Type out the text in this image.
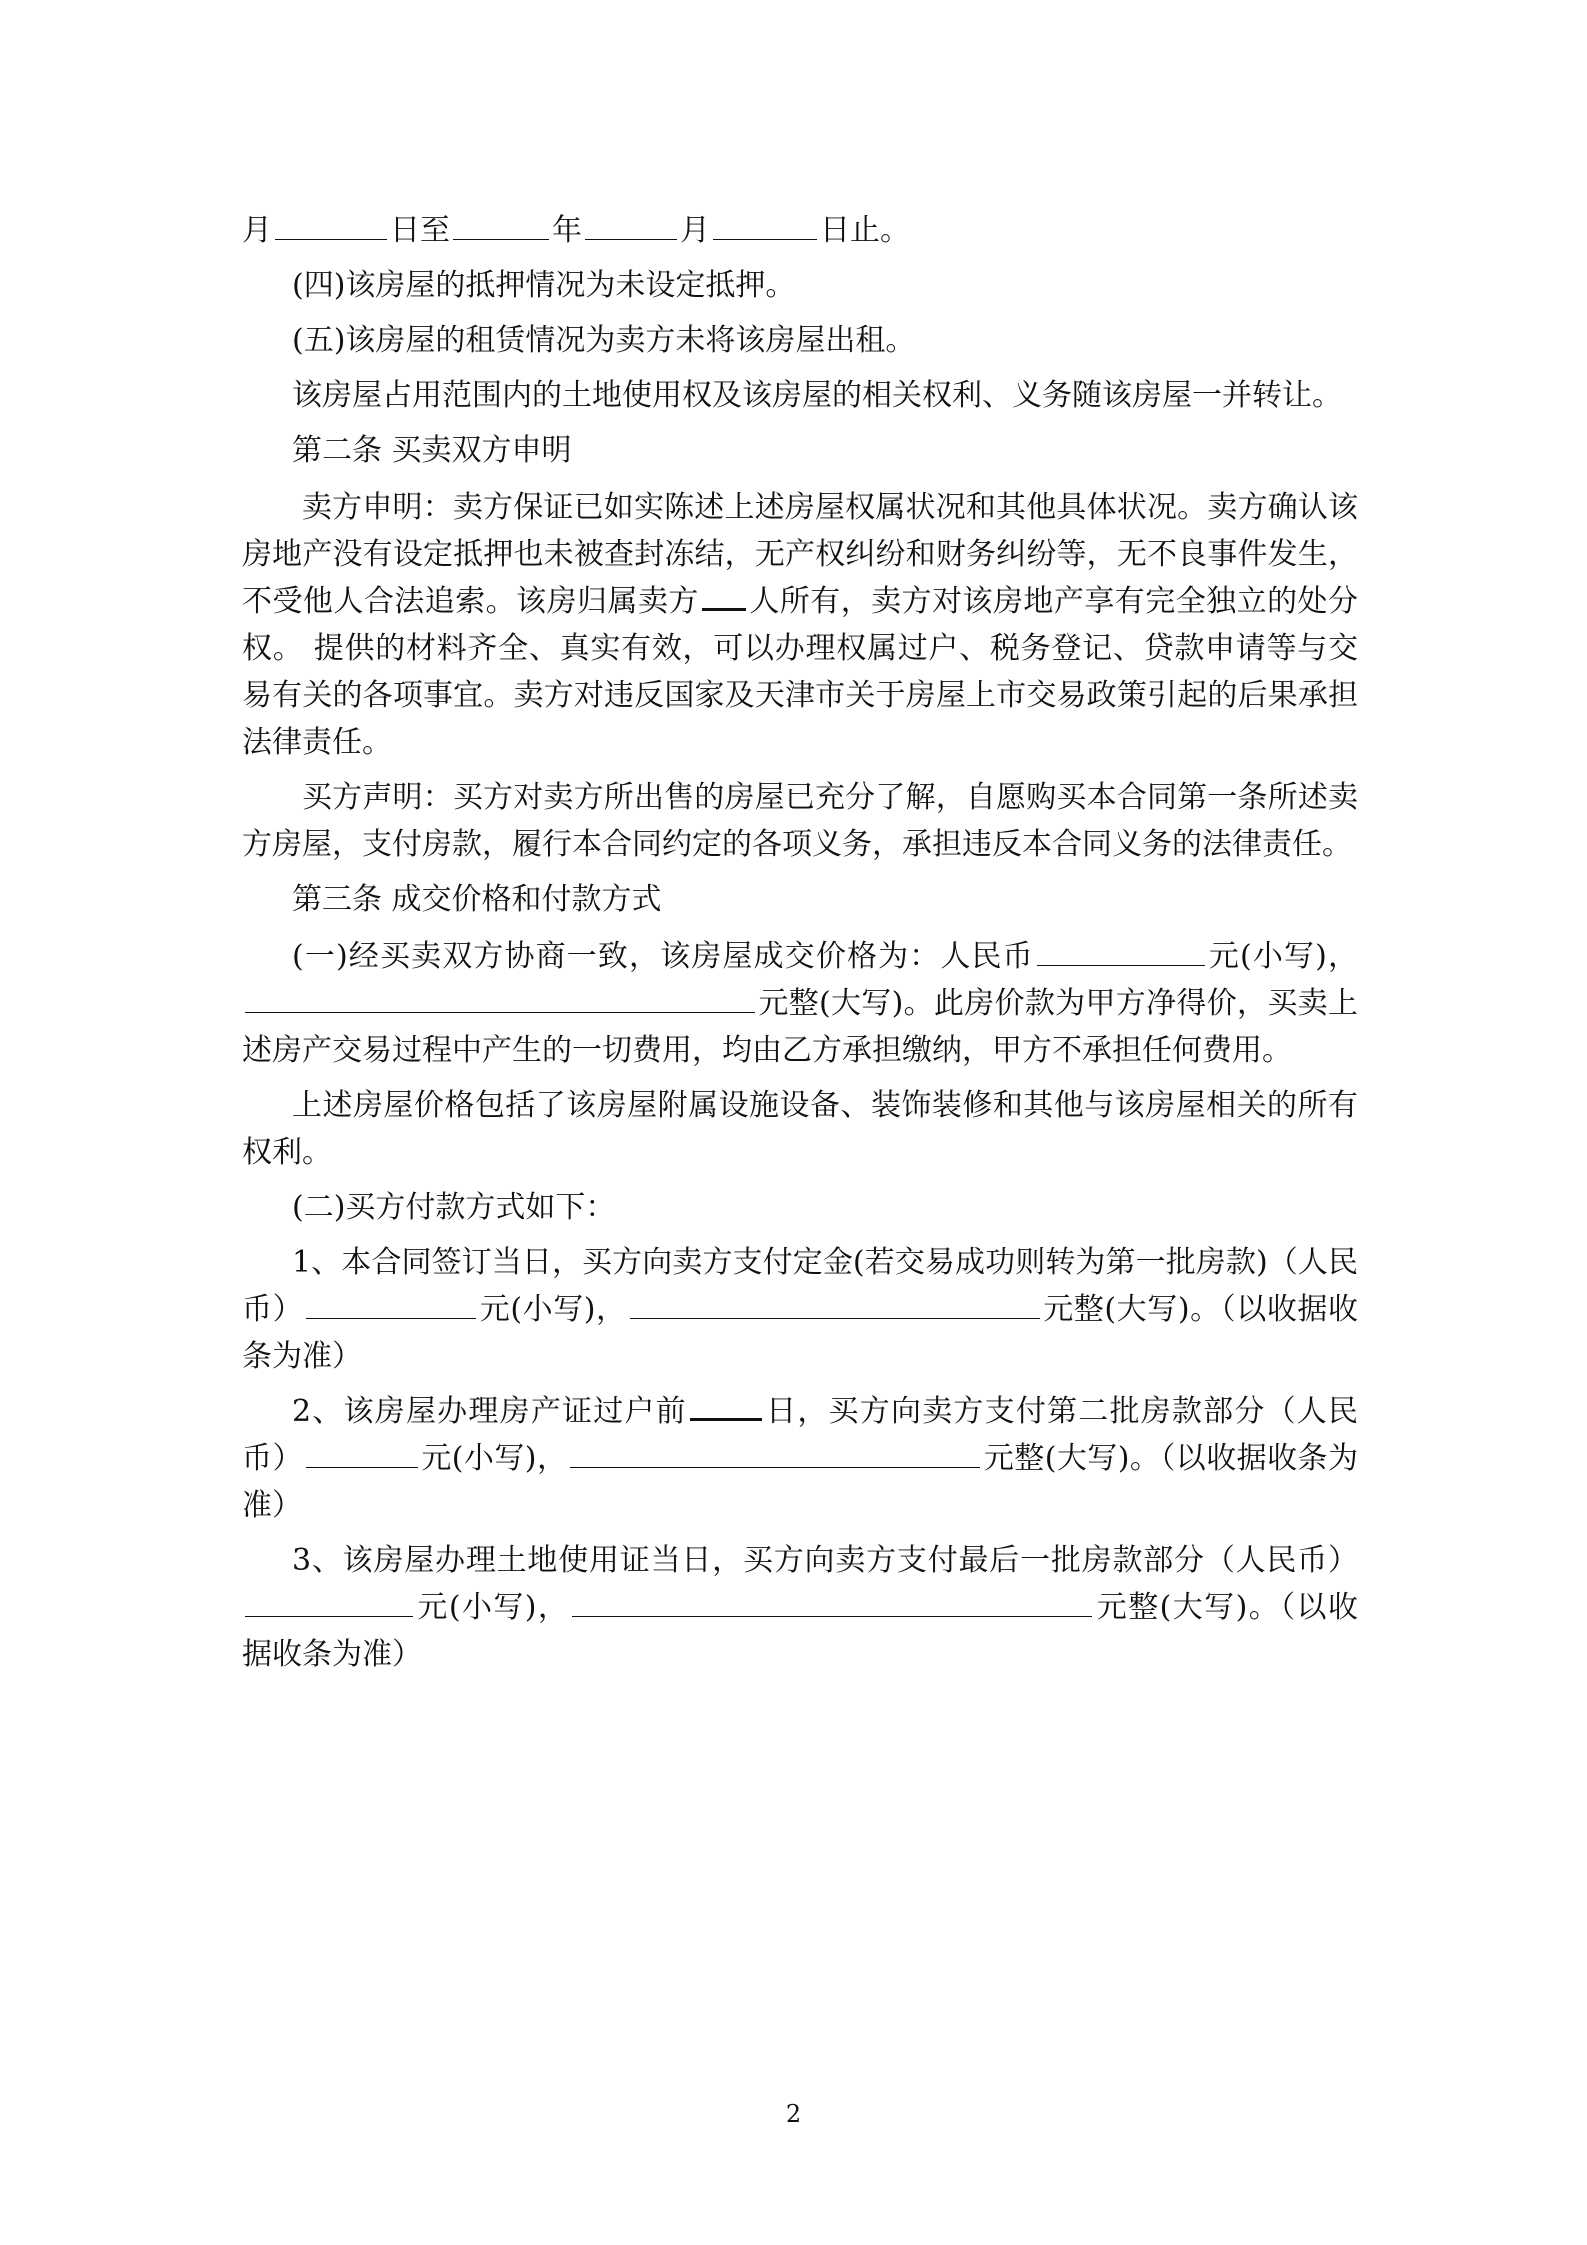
月	日至	年	月	日止。

(四)该房屋的抵押情况为未设定抵押。

(五)该房屋的租赁情况为卖方未将该房屋出租。

该房屋占用范围内的土地使用权及该房屋的相关权利、义务随该房屋一并转让。

第二条 买卖双方申明

卖方申明：卖方保证已如实陈述上述房屋权属状况和其他具体状况。卖方确认该房地产没有设定抵押也未被查封冻结，无产权纠纷和财务纠纷等，无不良事件发生，不受他人合法追索。该房归属卖方 人所有，卖方对该房地产享有完全独立的处分权。 提供的材料齐全、真实有效，可以办理权属过户、税务登记、贷款申请等与交易有关的各项事宜。卖方对违反国家及天津市关于房屋上市交易政策引起的后果承担法律责任。

买方声明：买方对卖方所出售的房屋已充分了解，自愿购买本合同第一条所述卖方房屋，支付房款，履行本合同约定的各项义务，承担违反本合同义务的法律责任。

第三条 成交价格和付款方式

(一)经买卖双方协商一致，该房屋成交价格为：人民币	元(小写)，元整(大写)。此房价款为甲方净得价，买卖上述房产交易过程中产生的一切费用，均由乙方承担缴纳，甲方不承担任何费用。

上述房屋价格包括了该房屋附属设施设备、装饰装修和其他与该房屋相关的所有权利。

(二)买方付款方式如下：

1、本合同签订当日，买方向卖方支付定金(若交易成功则转为第一批房款)（人民币）	元(小写)，	元整(大写)。（以收据收条为准）

2、该房屋办理房产证过户前	日，买方向卖方支付第二批房款部分（人民币）	元(小写)，	元整(大写)。（以收据收条为准）

3、该房屋办理土地使用证当日，买方向卖方支付最后一批房款部分（人民币）元(小写)，	元整(大写)。（以收据收条为准）

2
